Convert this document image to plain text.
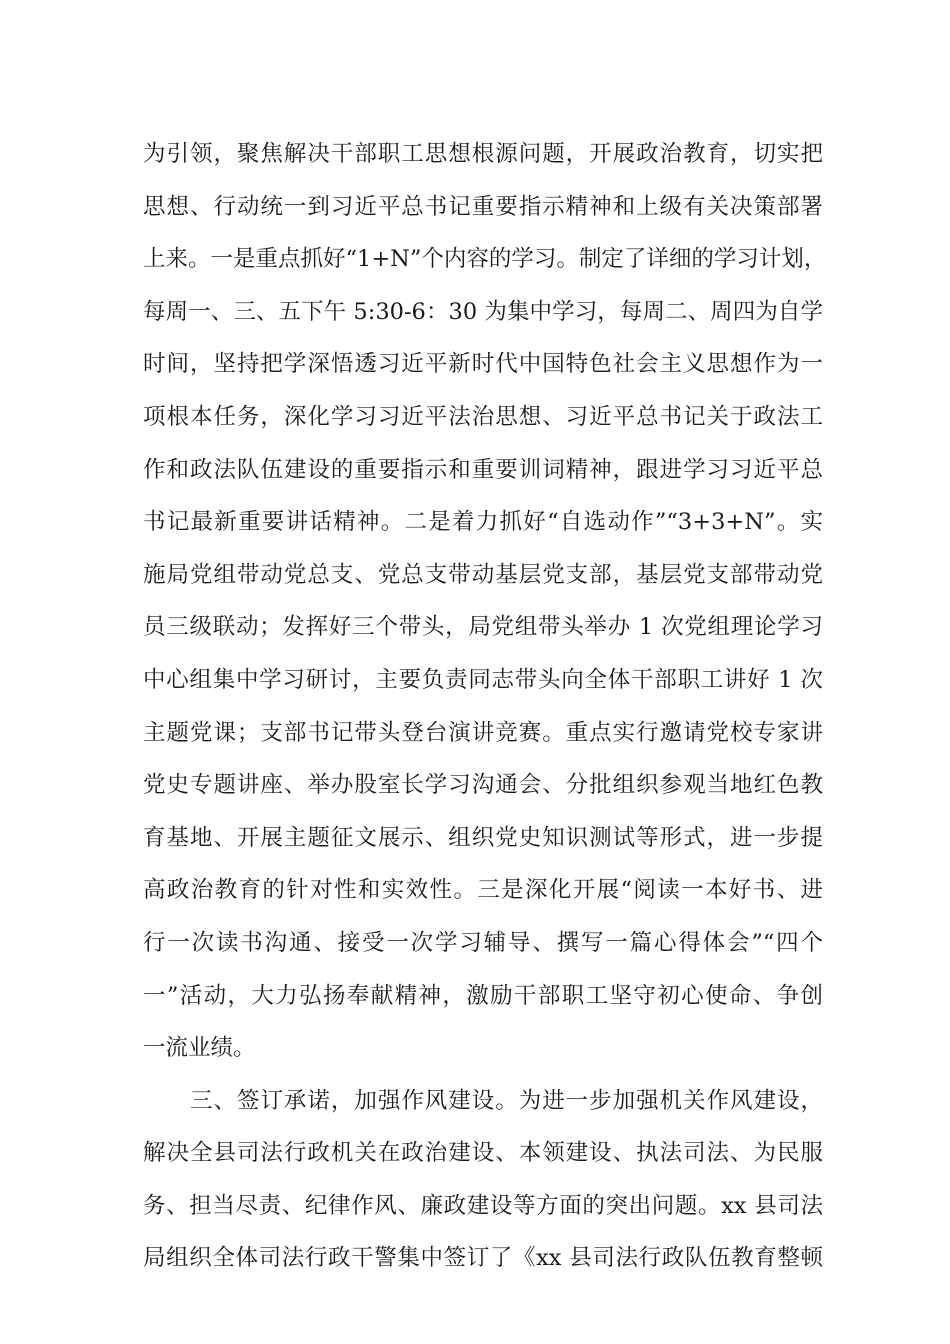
为引领，聚焦解决干部职工思想根源问题，开展政治教育，切实把
思想、行动统一到习近平总书记重要指示精神和上级有关决策部署
上来。一是重点抓好“1+N”个内容的学习。制定了详细的学习计划，
每周一、三、五下午 5:30-6：30 为集中学习，每周二、周四为自学
时间，坚持把学深悟透习近平新时代中国特色社会主义思想作为一
项根本任务，深化学习习近平法治思想、习近平总书记关于政法工
作和政法队伍建设的重要指示和重要训词精神，跟进学习习近平总
书记最新重要讲话精神。二是着力抓好“自选动作”“3+3+N”。实
施局党组带动党总支、党总支带动基层党支部，基层党支部带动党
员三级联动；发挥好三个带头，局党组带头举办 1 次党组理论学习
中心组集中学习研讨，主要负责同志带头向全体干部职工讲好 1 次
主题党课；支部书记带头登台演讲竞赛。重点实行邀请党校专家讲
党史专题讲座、举办股室长学习沟通会、分批组织参观当地红色教
育基地、开展主题征文展示、组织党史知识测试等形式，进一步提
高政治教育的针对性和实效性。三是深化开展“阅读一本好书、进
行一次读书沟通、接受一次学习辅导、撰写一篇心得体会”“四个
一”活动，大力弘扬奉献精神，激励干部职工坚守初心使命、争创
一流业绩。
三、签订承诺，加强作风建设。为进一步加强机关作风建设，
解决全县司法行政机关在政治建设、本领建设、执法司法、为民服
务、担当尽责、纪律作风、廉政建设等方面的突出问题。xx 县司法
局组织全体司法行政干警集中签订了《xx 县司法行政队伍教育整顿
